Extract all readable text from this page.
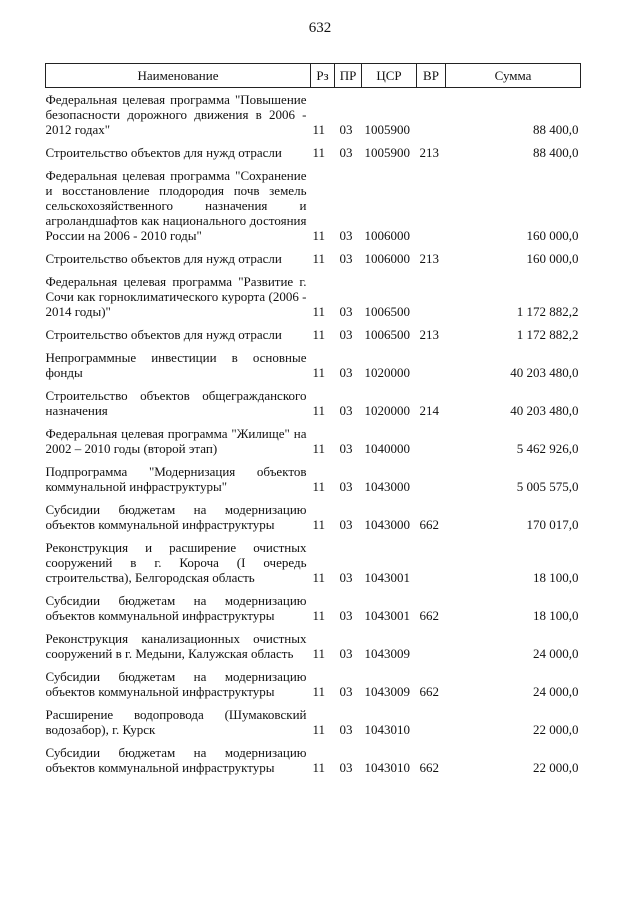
632
Наименование	Рз	ПР	ЦСР	ВР	Сумма
Федеральная целевая программа "Повышение безопасности дорожного движения в 2006 - 2012 годах"	11	03	1005900		88 400,0
Строительство объектов для нужд отрасли	11	03	1005900	213	88 400,0
Федеральная целевая программа "Сохранение и восстановление плодородия почв земель сельскохозяйственного назначения и агроландшафтов как национального достояния России на 2006 - 2010 годы"	11	03	1006000		160 000,0
Строительство объектов для нужд отрасли	11	03	1006000	213	160 000,0
Федеральная целевая программа "Развитие г. Сочи как горноклиматического курорта (2006 - 2014 годы)"	11	03	1006500		1 172 882,2
Строительство объектов для нужд отрасли	11	03	1006500	213	1 172 882,2
Непрограммные инвестиции в основные фонды	11	03	1020000		40 203 480,0
Строительство объектов общегражданского назначения	11	03	1020000	214	40 203 480,0
Федеральная целевая программа "Жилище" на 2002 – 2010 годы (второй этап)	11	03	1040000		5 462 926,0
Подпрограмма "Модернизация объектов коммунальной инфраструктуры"	11	03	1043000		5 005 575,0
Субсидии бюджетам на модернизацию объектов коммунальной инфраструктуры	11	03	1043000	662	170 017,0
Реконструкция и расширение очистных сооружений в г. Короча (I очередь строительства), Белгородская область	11	03	1043001		18 100,0
Субсидии бюджетам на модернизацию объектов коммунальной инфраструктуры	11	03	1043001	662	18 100,0
Реконструкция канализационных очистных сооружений в г. Медыни, Калужская область	11	03	1043009		24 000,0
Субсидии бюджетам на модернизацию объектов коммунальной инфраструктуры	11	03	1043009	662	24 000,0
Расширение водопровода (Шумаковский водозабор), г. Курск	11	03	1043010		22 000,0
Субсидии бюджетам на модернизацию объектов коммунальной инфраструктуры	11	03	1043010	662	22 000,0
